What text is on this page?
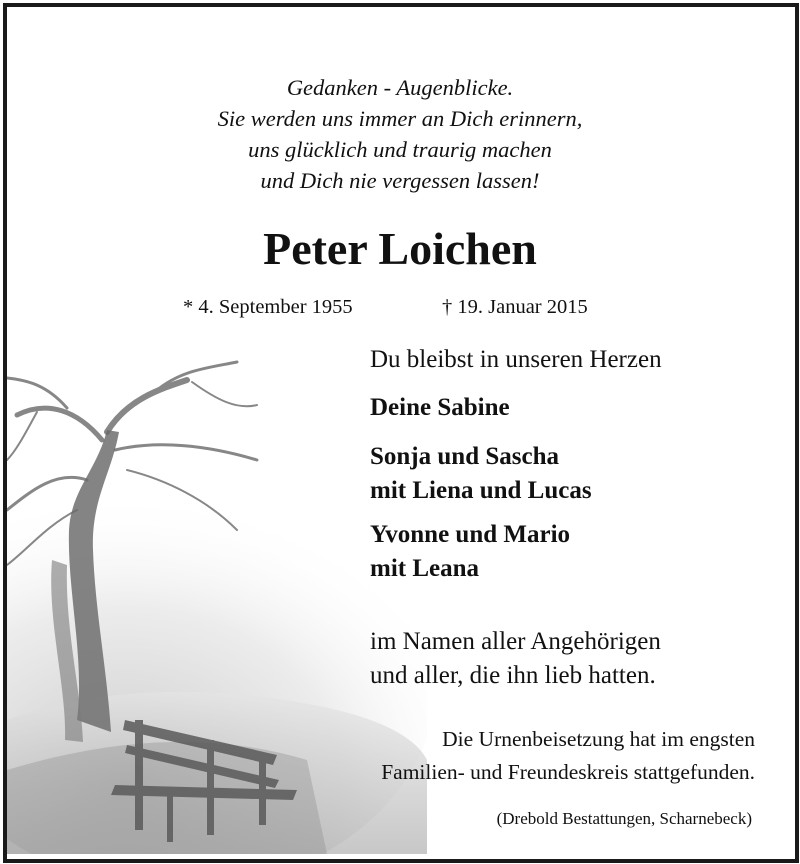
Gedanken - Augenblicke.
Sie werden uns immer an Dich erinnern,
uns glücklich und traurig machen
und Dich nie vergessen lassen!
Peter Loichen
* 4. September 1955	† 19. Januar 2015
Du bleibst in unseren Herzen
Deine Sabine
Sonja und Sascha
mit Liena und Lucas
Yvonne und Mario
mit Leana
im Namen aller Angehörigen
und aller, die ihn lieb hatten.
Die Urnenbeisetzung hat im engsten
Familien- und Freundeskreis stattgefunden.
(Drebold Bestattungen, Scharnebeck)
